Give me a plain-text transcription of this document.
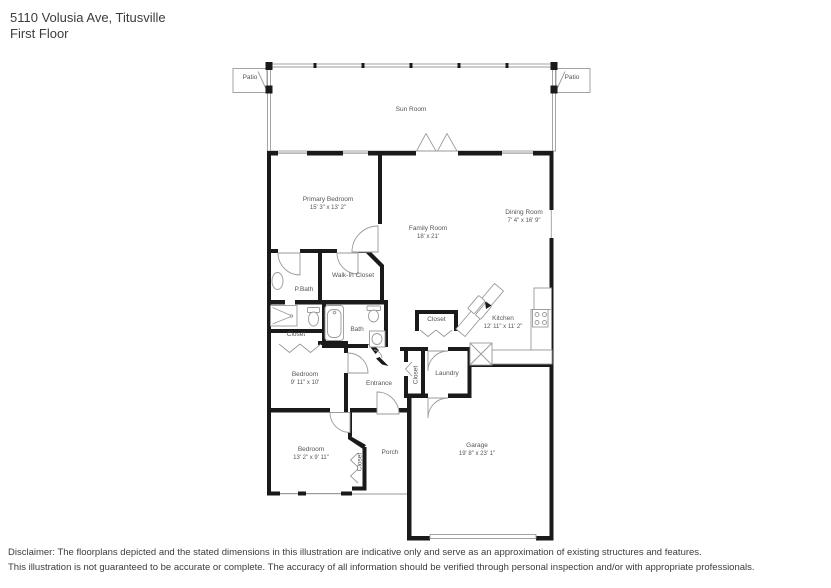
5110 Volusia Ave, Titusville
First Floor
Patio	Patio
Sun Room
Primary Bedroom
15' 3" x 13' 2"
Family Room
18' x 21'
Dining Room
7' 4" x 16' 9"
Walk-In Closet
P.Bath
Closet
Bath
Closet	Kitchen
12' 11" x 11' 2"
Bedroom
9' 11" x 10'	Entrance	Closet	Laundry
Bedroom
13' 2" x 9' 11"	Closet
Porch
Garage
19' 8" x 23' 1"
Disclaimer: The floorplans depicted and the stated dimensions in this illustration are indicative only and serve as an approximation of existing structures and features.
This illustration is not guaranteed to be accurate or complete. The accuracy of all information should be verified through personal inspection and/or with appropriate professionals.
